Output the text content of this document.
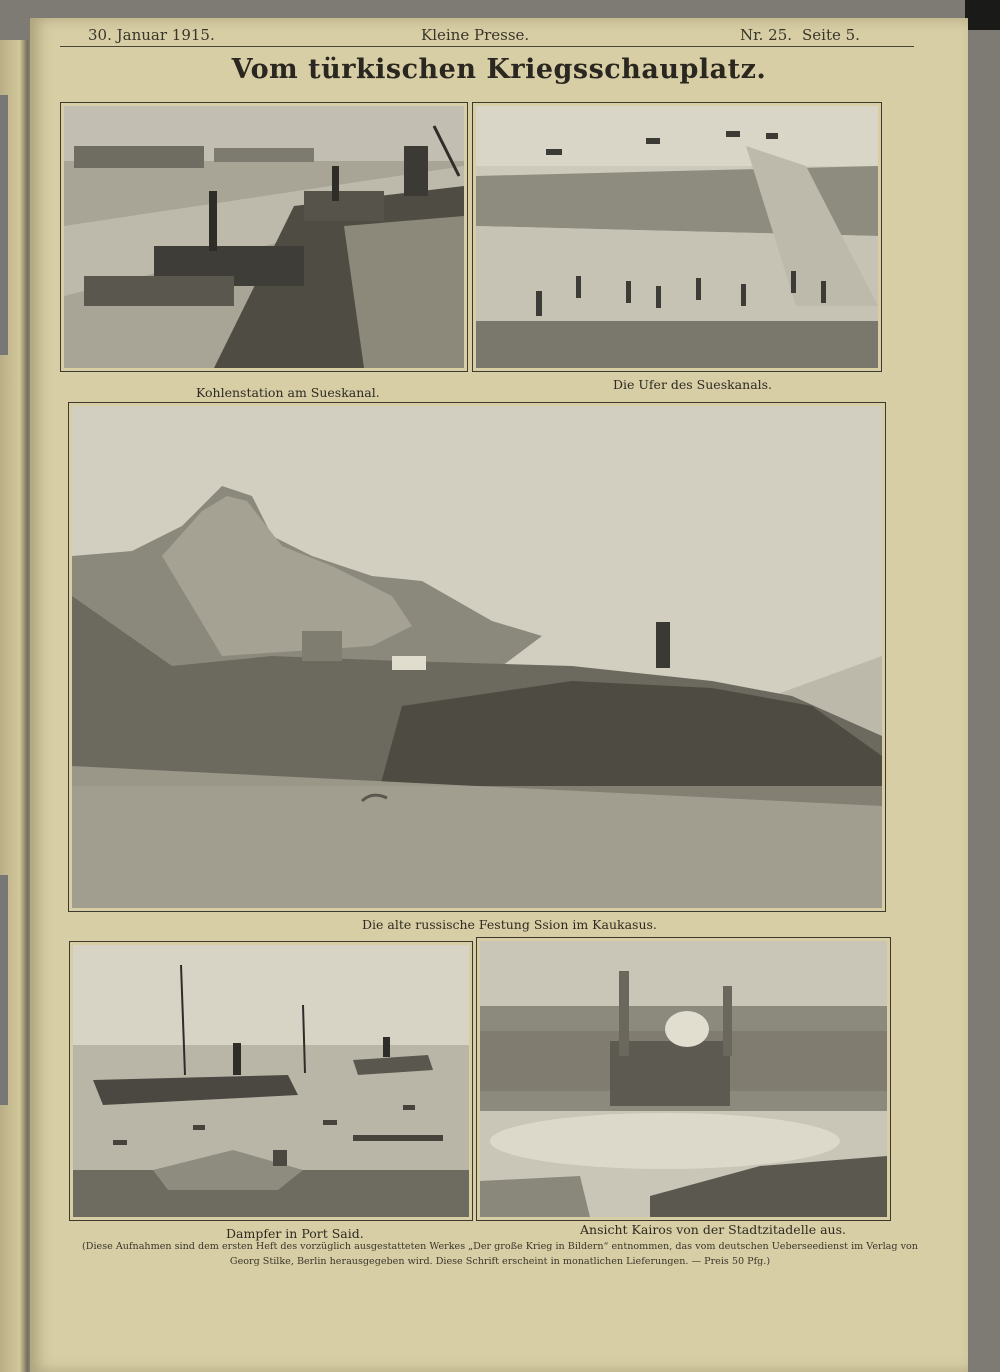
30. Januar 1915.	Kleine Presse.	Nr. 25. Seite 5.
Vom türkischen Kriegsschauplatz.
Kohlenstation am Sueskanal.
Die Ufer des Sueskanals.
Die alte russische Festung Ssion im Kaukasus.
Dampfer in Port Said.	Ansicht Kairos von der Stadtzitadelle aus.
(Diese Aufnahmen sind dem ersten Heft des vorzüglich ausgestatteten Werkes „Der große Krieg in Bildern“ entnommen, das vom deutschen Ueberseedienst im Verlag von
Georg Stilke, Berlin herausgegeben wird. Diese Schrift erscheint in monatlichen Lieferungen. — Preis 50 Pfg.)
